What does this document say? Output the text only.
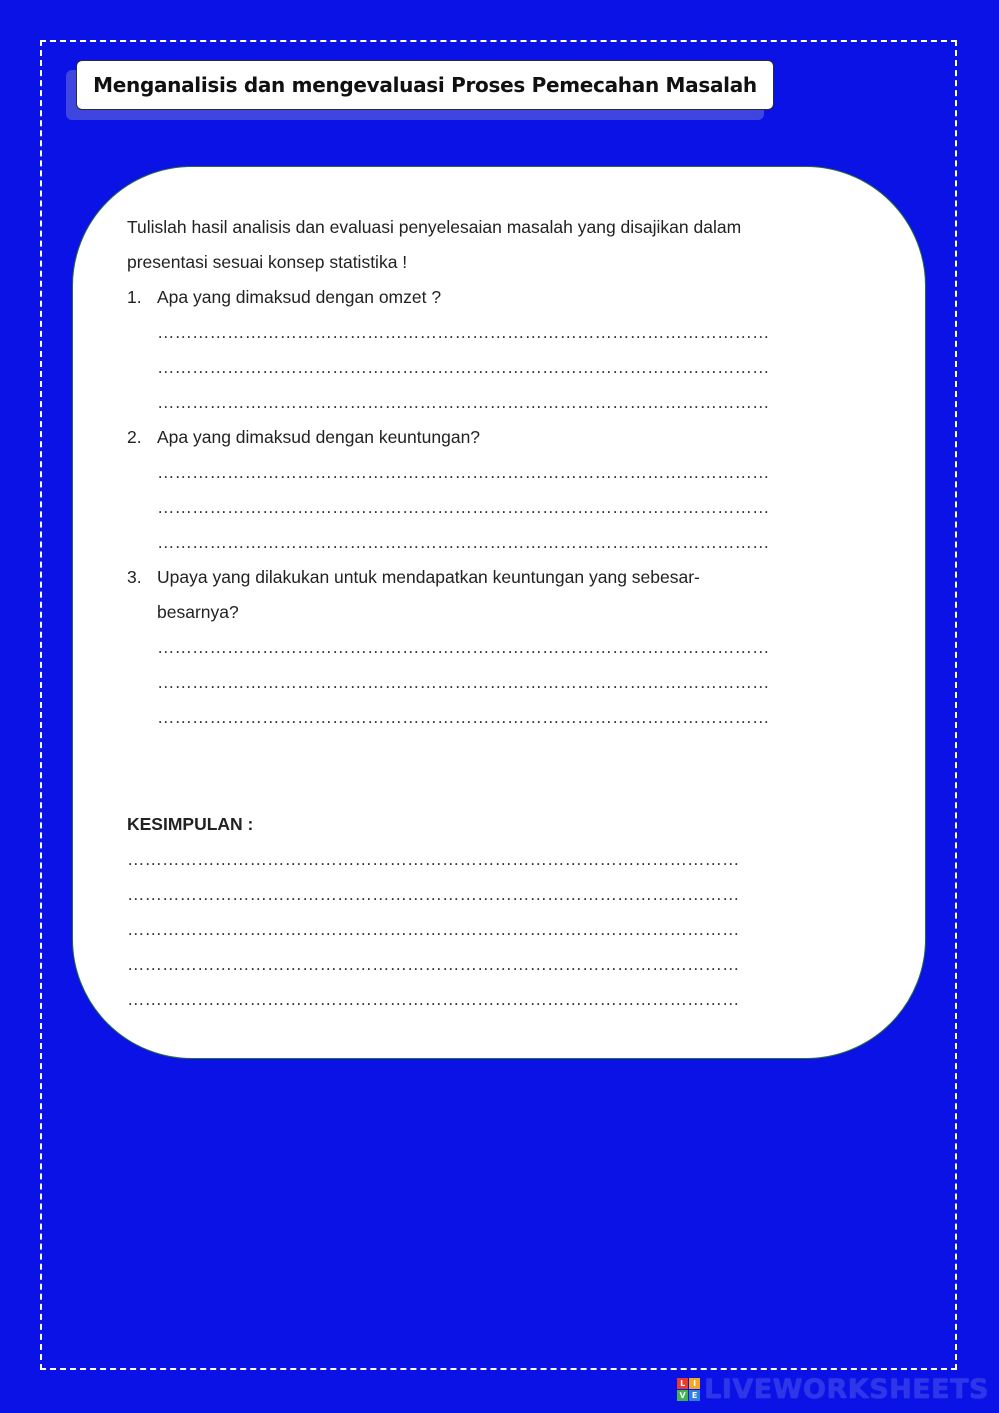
Menganalisis dan mengevaluasi Proses Pemecahan Masalah
Tulislah hasil analisis dan evaluasi penyelesaian masalah yang disajikan dalam
presentasi sesuai konsep statistika !
1. Apa yang dimaksud dengan omzet ?
……………………………………………………………………………………………
……………………………………………………………………………………………
……………………………………………………………………………………………
2. Apa yang dimaksud dengan keuntungan?
……………………………………………………………………………………………
……………………………………………………………………………………………
……………………………………………………………………………………………
3. Upaya yang dilakukan untuk mendapatkan keuntungan yang sebesar-
besarnya?
……………………………………………………………………………………………
……………………………………………………………………………………………
……………………………………………………………………………………………
KESIMPULAN :
……………………………………………………………………………………………
……………………………………………………………………………………………
……………………………………………………………………………………………
……………………………………………………………………………………………
……………………………………………………………………………………………
L I
V E LIVEWORKSHEETS
